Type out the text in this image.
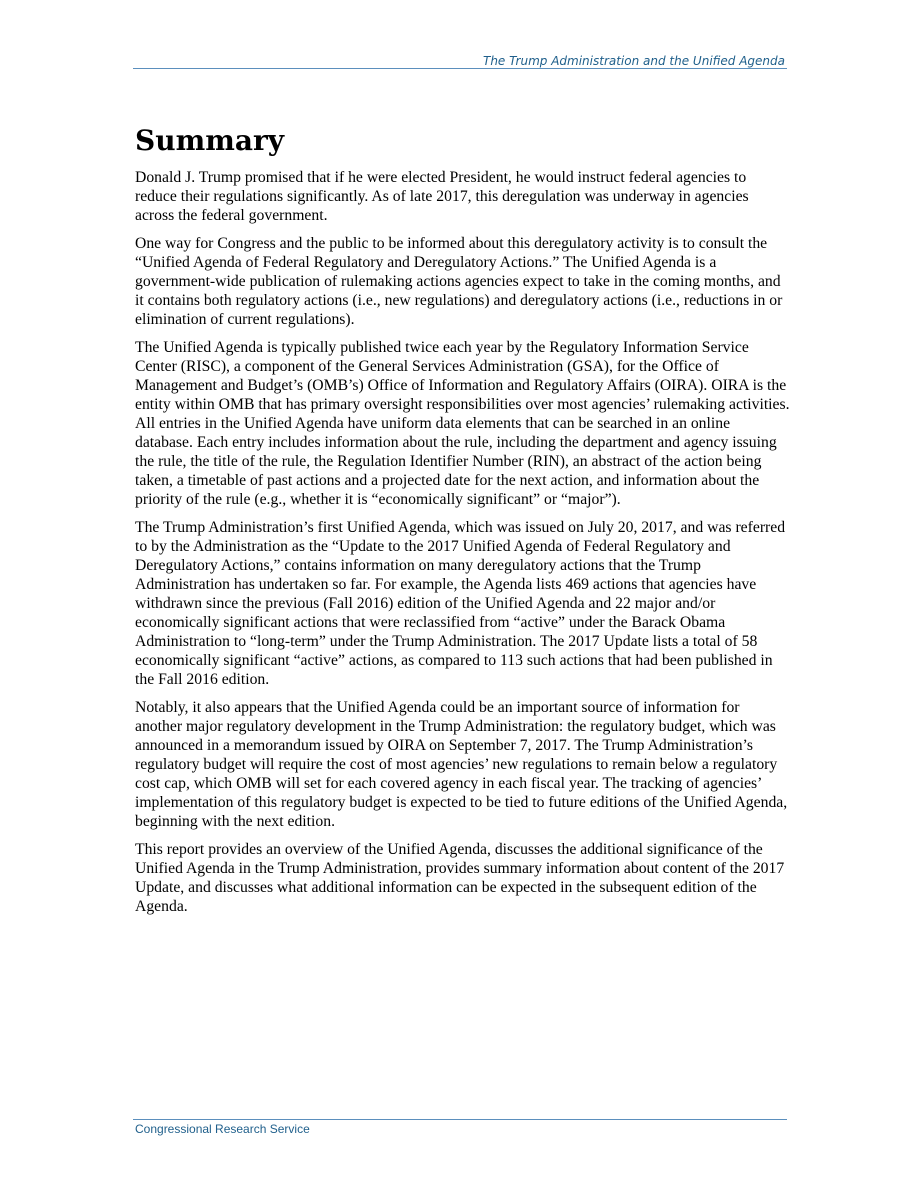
The Trump Administration and the Unified Agenda
Summary

Donald J. Trump promised that if he were elected President, he would instruct federal agencies to reduce their regulations significantly. As of late 2017, this deregulation was underway in agencies across the federal government.

One way for Congress and the public to be informed about this deregulatory activity is to consult the “Unified Agenda of Federal Regulatory and Deregulatory Actions.” The Unified Agenda is a government-wide publication of rulemaking actions agencies expect to take in the coming months, and it contains both regulatory actions (i.e., new regulations) and deregulatory actions (i.e., reductions in or elimination of current regulations).

The Unified Agenda is typically published twice each year by the Regulatory Information Service Center (RISC), a component of the General Services Administration (GSA), for the Office of Management and Budget’s (OMB’s) Office of Information and Regulatory Affairs (OIRA). OIRA is the entity within OMB that has primary oversight responsibilities over most agencies’ rulemaking activities. All entries in the Unified Agenda have uniform data elements that can be searched in an online database. Each entry includes information about the rule, including the department and agency issuing the rule, the title of the rule, the Regulation Identifier Number (RIN), an abstract of the action being taken, a timetable of past actions and a projected date for the next action, and information about the priority of the rule (e.g., whether it is “economically significant” or “major”).

The Trump Administration’s first Unified Agenda, which was issued on July 20, 2017, and was referred to by the Administration as the “Update to the 2017 Unified Agenda of Federal Regulatory and Deregulatory Actions,” contains information on many deregulatory actions that the Trump Administration has undertaken so far. For example, the Agenda lists 469 actions that agencies have withdrawn since the previous (Fall 2016) edition of the Unified Agenda and 22 major and/or economically significant actions that were reclassified from “active” under the Barack Obama Administration to “long-term” under the Trump Administration. The 2017 Update lists a total of 58 economically significant “active” actions, as compared to 113 such actions that had been published in the Fall 2016 edition.

Notably, it also appears that the Unified Agenda could be an important source of information for another major regulatory development in the Trump Administration: the regulatory budget, which was announced in a memorandum issued by OIRA on September 7, 2017. The Trump Administration’s regulatory budget will require the cost of most agencies’ new regulations to remain below a regulatory cost cap, which OMB will set for each covered agency in each fiscal year. The tracking of agencies’ implementation of this regulatory budget is expected to be tied to future editions of the Unified Agenda, beginning with the next edition.

This report provides an overview of the Unified Agenda, discusses the additional significance of the Unified Agenda in the Trump Administration, provides summary information about content of the 2017 Update, and discusses what additional information can be expected in the subsequent edition of the Agenda.

Congressional Research Service
